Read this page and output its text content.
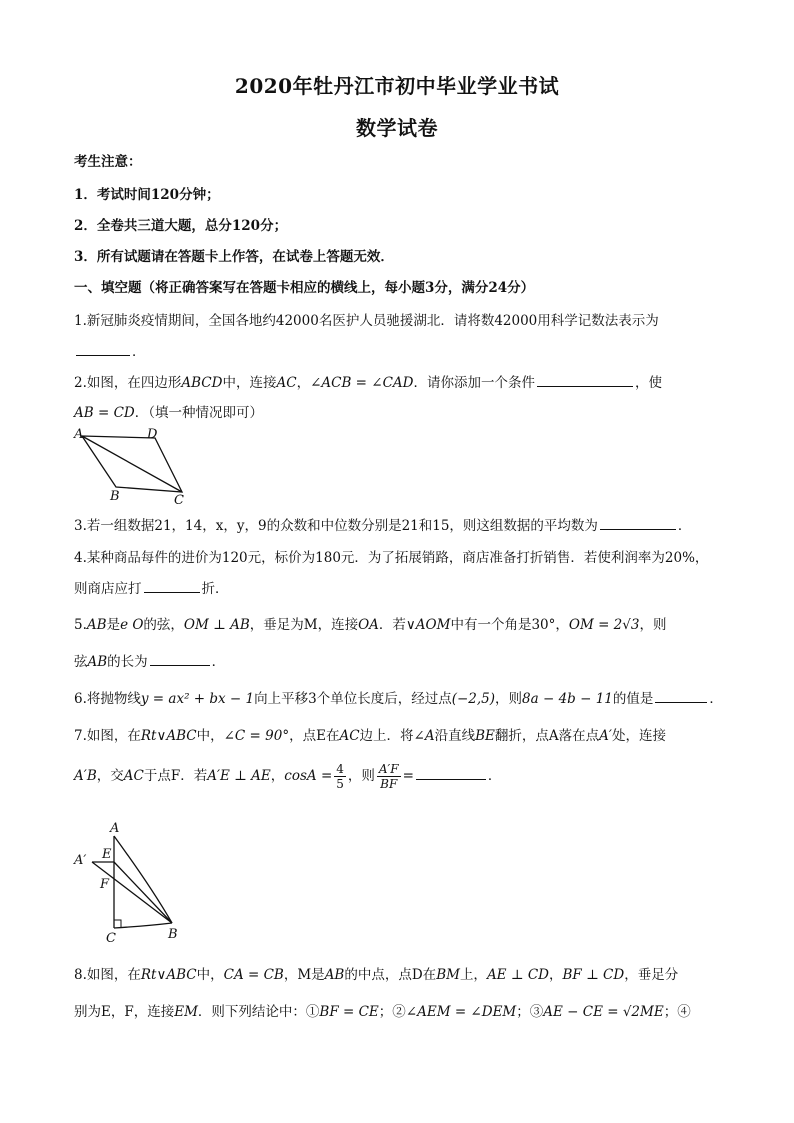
2020年牡丹江市初中毕业学业书试
数学试卷
考生注意：
1．考试时间120分钟；
2．全卷共三道大题，总分120分；
3．所有试题请在答题卡上作答，在试卷上答题无效．
一、填空题（将正确答案写在答题卡相应的横线上，每小题3分，满分24分）
1.新冠肺炎疫情期间，全国各地约42000名医护人员驰援湖北．请将数42000用科学记数法表示为
．
2.如图，在四边形ABCD中，连接AC，∠ACB = ∠CAD．请你添加一个条件	，使
AB = CD．（填一种情况即可）
A	D
B	C
3.若一组数据21，14，x，y，9的众数和中位数分别是21和15，则这组数据的平均数为	．
4.某种商品每件的进价为120元，标价为180元．为了拓展销路，商店准备打折销售．若使利润率为20%，
则商店应打	折．
5.AB是e O的弦，OM ⊥ AB，垂足为M，连接OA．若∨AOM中有一个角是30°，OM = 2√3，则
弦AB的长为	．
6.将抛物线y = ax² + bx − 1向上平移3个单位长度后，经过点(−2,5)，则8a − 4b − 11的值是	．
7.如图，在Rt∨ABC中，∠C = 90°，点E在AC边上．将∠A沿直线BE翻折，点A落在点A′处，连接
A′B，交AC于点F．若A′E ⊥ AE，$\cos A = \frac{4}{5}$ ，则 $\frac{A'F}{BF}$ =	．
A
A′ E
F
C	B
8.如图，在Rt∨ABC中，CA = CB，M是AB的中点，点D在BM上，AE ⊥ CD，BF ⊥ CD，垂足分
别为E，F，连接EM．则下列结论中：①BF = CE；②∠AEM = ∠DEM；③AE − CE = √2ME；④
